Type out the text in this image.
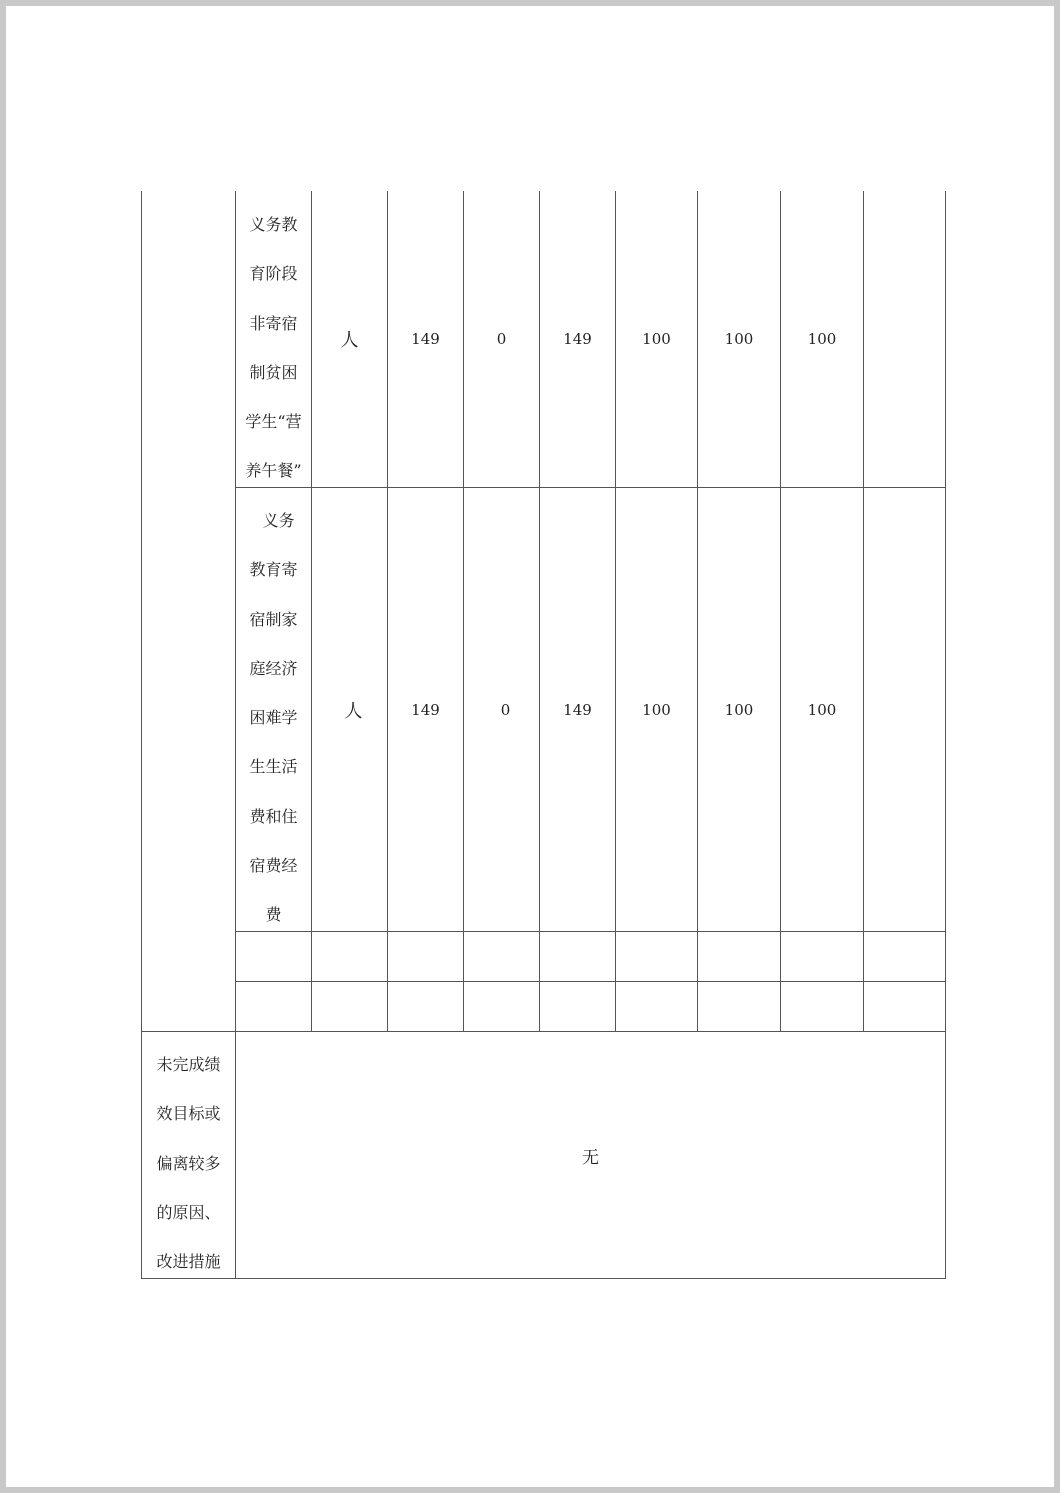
义务教
育阶段
非寄宿
制贫困
学生“营
养午餐”
人	149	0	149	100	100	100
义务
教育寄
宿制家
庭经济
困难学
生生活
费和住
宿费经
费
人	149	0	149	100	100	100
未完成绩
效目标或
偏离较多
的原因、
改进措施
无
